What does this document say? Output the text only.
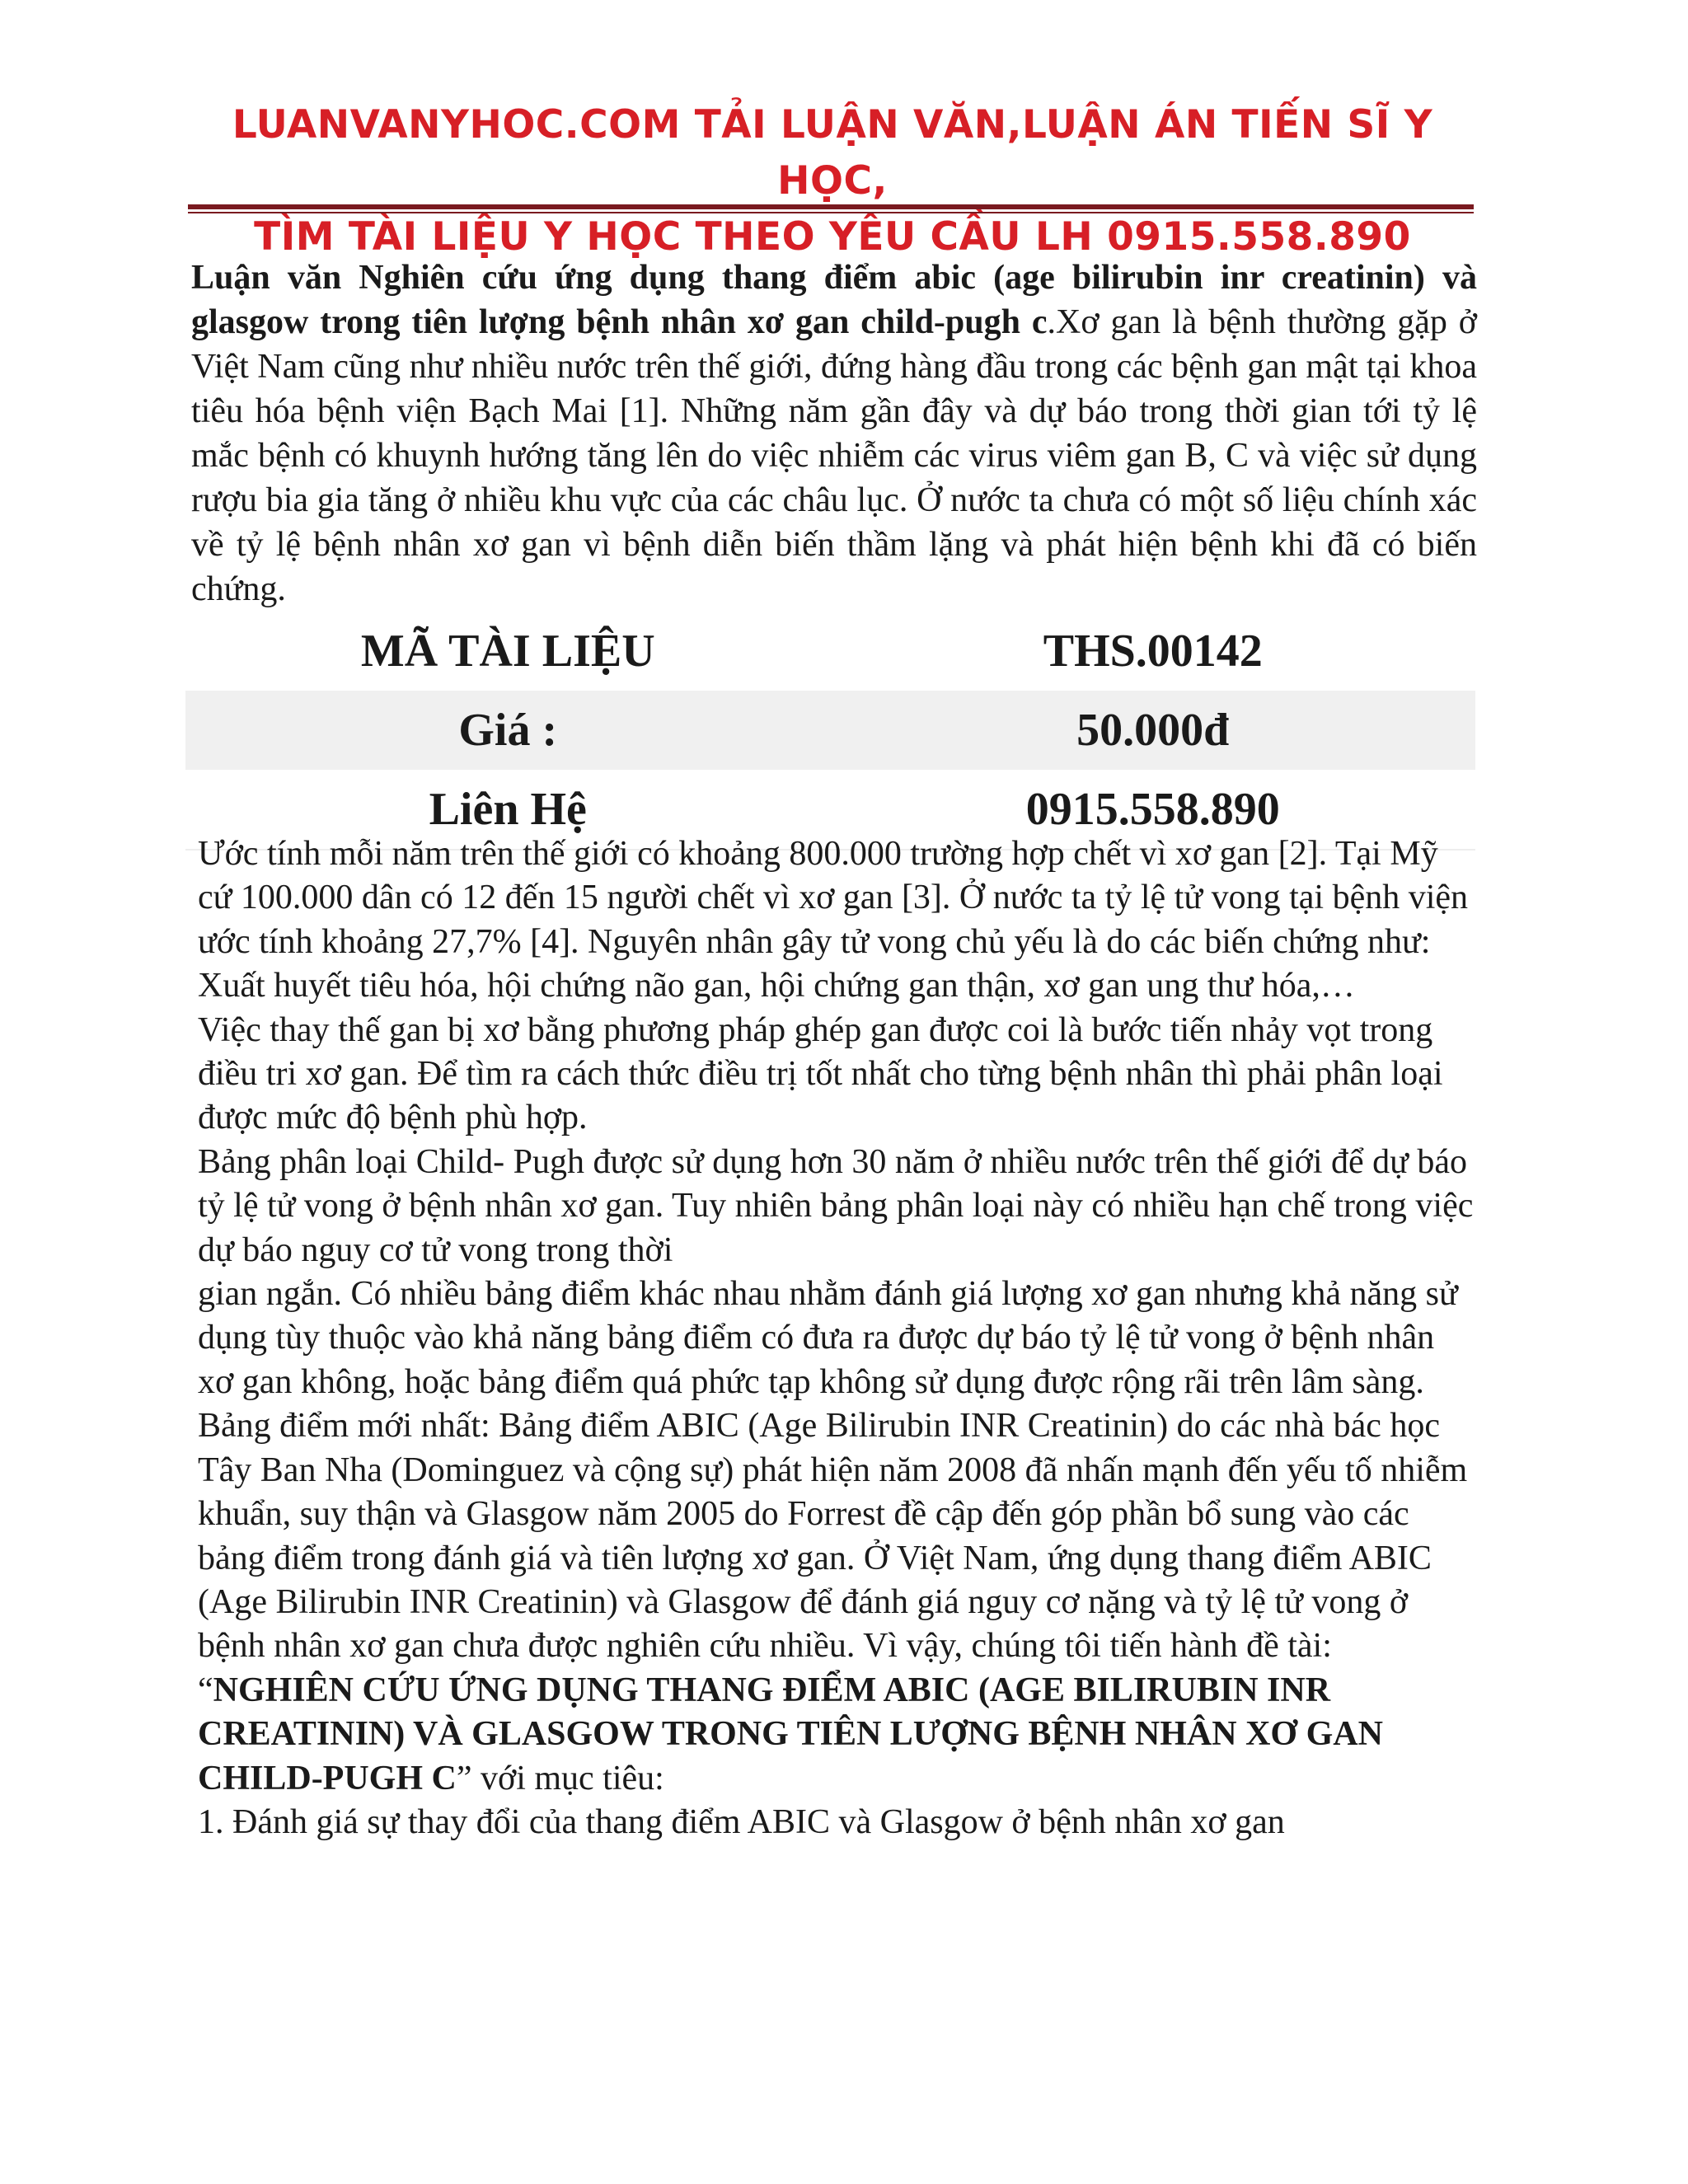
LUANVANYHOC.COM TẢI LUẬN VĂN,LUẬN ÁN TIẾN SĨ Y HỌC,
TÌM TÀI LIỆU Y HỌC THEO YÊU CẦU LH 0915.558.890
Luận văn Nghiên cứu ứng dụng thang điểm abic (age bilirubin inr creatinin) và glasgow trong tiên lượng bệnh nhân xơ gan child-pugh c.Xơ gan là bệnh thường gặp ở Việt Nam cũng như nhiều nước trên thế giới, đứng hàng đầu trong các bệnh gan mật tại khoa tiêu hóa bệnh viện Bạch Mai [1]. Những năm gần đây và dự báo trong thời gian tới tỷ lệ mắc bệnh có khuynh hướng tăng lên do việc nhiễm các virus viêm gan B, C và việc sử dụng rượu bia gia tăng ở nhiều khu vực của các châu lục. Ở nước ta chưa có một số liệu chính xác về tỷ lệ bệnh nhân xơ gan vì bệnh diễn biến thầm lặng và phát hiện bệnh khi đã có biến chứng.
MÃ TÀI LIỆU	THS.00142
Giá :	50.000đ
Liên Hệ	0915.558.890

Ước tính mỗi năm trên thế giới có khoảng 800.000 trường hợp chết vì xơ gan [2]. Tại Mỹ cứ 100.000 dân có 12 đến 15 người chết vì xơ gan [3]. Ở nước ta tỷ lệ tử vong tại bệnh viện ước tính khoảng 27,7% [4]. Nguyên nhân gây tử vong chủ yếu là do các biến chứng như: Xuất huyết tiêu hóa, hội chứng não gan, hội chứng gan thận, xơ gan ung thư hóa,…

Việc thay thế gan bị xơ bằng phương pháp ghép gan được coi là bước tiến nhảy vọt trong điều tri xơ gan. Để tìm ra cách thức điều trị tốt nhất cho từng bệnh nhân thì phải phân loại được mức độ bệnh phù hợp.

Bảng phân loại Child- Pugh được sử dụng hơn 30 năm ở nhiều nước trên thế giới để dự báo tỷ lệ tử vong ở bệnh nhân xơ gan. Tuy nhiên bảng phân loại này có nhiều hạn chế trong việc dự báo nguy cơ tử vong trong thời

gian ngắn. Có nhiều bảng điểm khác nhau nhằm đánh giá lượng xơ gan nhưng khả năng sử dụng tùy thuộc vào khả năng bảng điểm có đưa ra được dự báo tỷ lệ tử vong ở bệnh nhân xơ gan không, hoặc bảng điểm quá phức tạp không sử dụng được rộng rãi trên lâm sàng. Bảng điểm mới nhất: Bảng điểm ABIC (Age Bilirubin INR Creatinin) do các nhà bác học Tây Ban Nha (Dominguez và cộng sự) phát hiện năm 2008 đã nhấn mạnh đến yếu tố nhiễm khuẩn, suy thận và Glasgow năm 2005 do Forrest đề cập đến góp phần bổ sung vào các bảng điểm trong đánh giá và tiên lượng xơ gan. Ở Việt Nam, ứng dụng thang điểm ABIC

(Age Bilirubin INR Creatinin) và Glasgow để đánh giá nguy cơ nặng và tỷ lệ tử vong ở bệnh nhân xơ gan chưa được nghiên cứu nhiều. Vì vậy, chúng tôi tiến hành đề tài: “NGHIÊN CỨU ỨNG DỤNG THANG ĐIỂM ABIC (AGE BILIRUBIN INR CREATININ) VÀ GLASGOW TRONG TIÊN LƯỢNG BỆNH NHÂN XƠ GAN CHILD-PUGH C” với mục tiêu:

1. Đánh giá sự thay đổi của thang điểm ABIC và Glasgow ở bệnh nhân xơ gan
